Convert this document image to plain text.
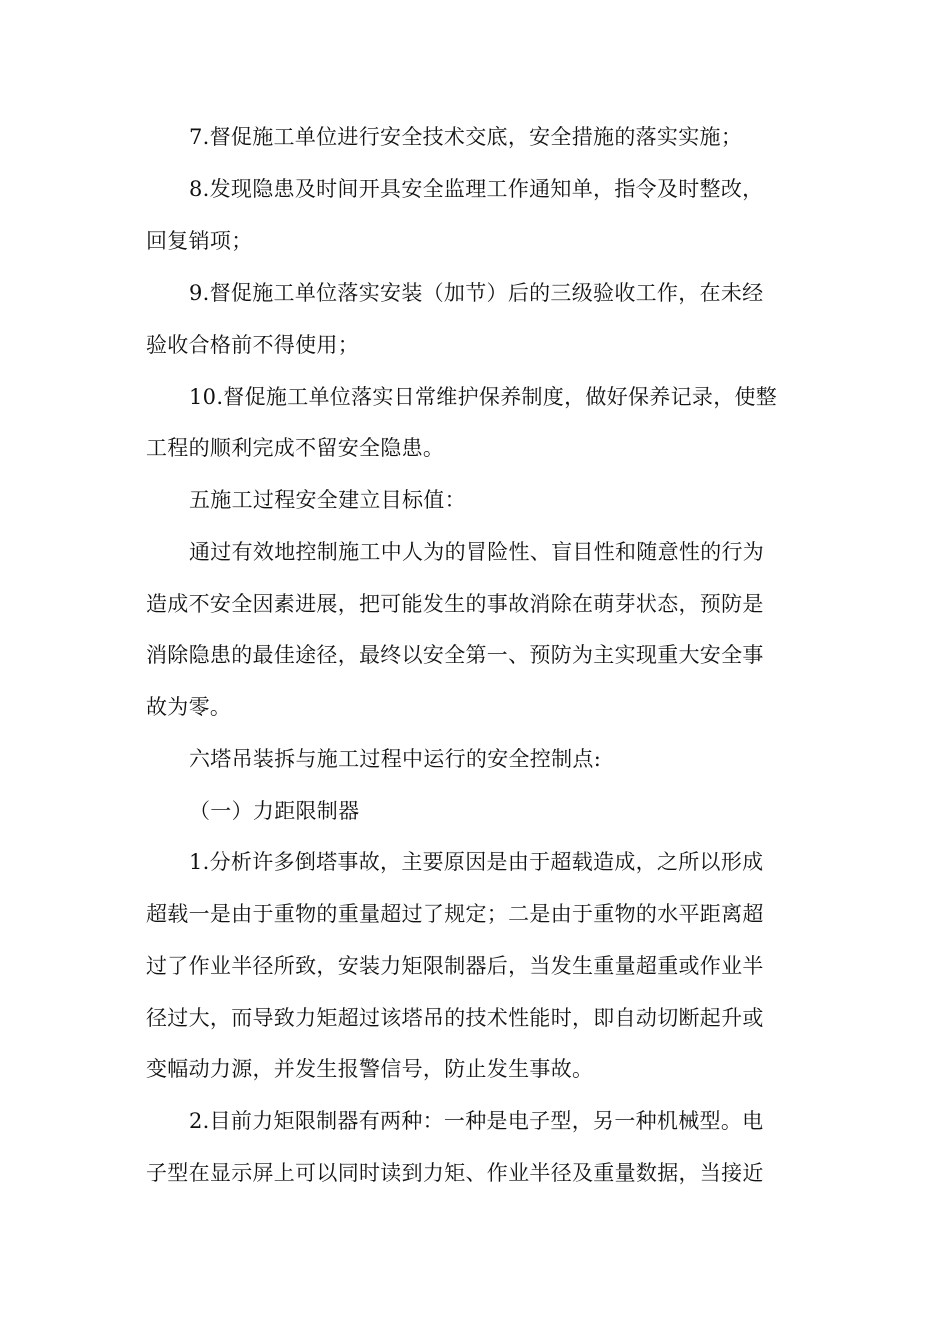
7.督促施工单位进行安全技术交底，安全措施的落实实施；
8.发现隐患及时间开具安全监理工作通知单，指令及时整改，
回复销项；
9.督促施工单位落实安装（加节）后的三级验收工作，在未经
验收合格前不得使用；
10.督促施工单位落实日常维护保养制度，做好保养记录，使整
工程的顺利完成不留安全隐患。
五施工过程安全建立目标值：
通过有效地控制施工中人为的冒险性、盲目性和随意性的行为
造成不安全因素进展，把可能发生的事故消除在萌芽状态，预防是
消除隐患的最佳途径，最终以安全第一、预防为主实现重大安全事
故为零。
六塔吊装拆与施工过程中运行的安全控制点:
（一）力距限制器
1.分析许多倒塔事故，主要原因是由于超载造成，之所以形成
超载一是由于重物的重量超过了规定；二是由于重物的水平距离超
过了作业半径所致，安装力矩限制器后，当发生重量超重或作业半
径过大，而导致力矩超过该塔吊的技术性能时，即自动切断起升或
变幅动力源，并发生报警信号，防止发生事故。
2.目前力矩限制器有两种：一种是电子型，另一种机械型。电
子型在显示屏上可以同时读到力矩、作业半径及重量数据，当接近
